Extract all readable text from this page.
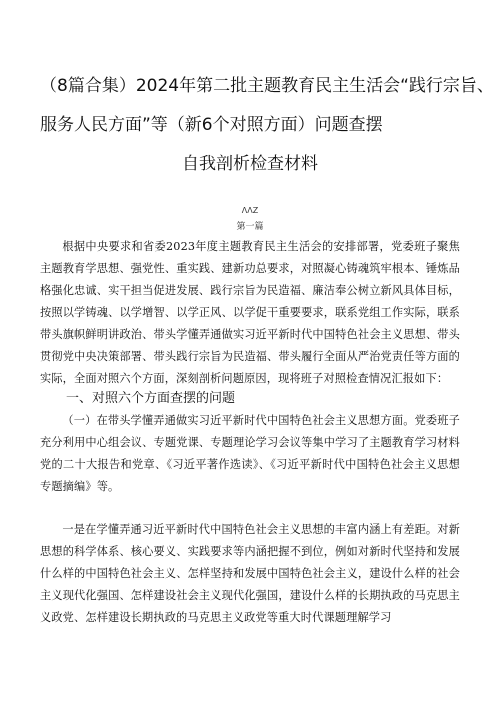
（8篇合集）2024年第二批主题教育民主生活会“践行宗旨、
服务人民方面”等（新6个对照方面）问题查摆
自我剖析检查材料
ΛΛΖ
第一篇

根据中央要求和省委2023年度主题教育民主生活会的安排部署，党委班子聚焦主题教育学思想、强党性、重实践、建新功总要求，对照凝心铸魂筑牢根本、锤炼品格强化忠诚、实干担当促进发展、践行宗旨为民造福、廉洁奉公树立新风具体目标，按照以学铸魂、以学增智、以学正风、以学促干重要要求，联系党组工作实际，联系带头旗帜鲜明讲政治、带头学懂弄通做实习近平新时代中国特色社会主义思想、带头贯彻党中央决策部署、带头践行宗旨为民造福、带头履行全面从严治党责任等方面的实际，全面对照六个方面，深刻剖析问题原因，现将班子对照检查情况汇报如下：

一、对照六个方面查摆的问题

（一）在带头学懂弄通做实习近平新时代中国特色社会主义思想方面。党委班子充分利用中心组会议、专题党课、专题理论学习会议等集中学习了主题教育学习材料党的二十大报告和党章、《习近平著作选读》、《习近平新时代中国特色社会主义思想专题摘编》等。

一是在学懂弄通习近平新时代中国特色社会主义思想的丰富内涵上有差距。对新思想的科学体系、核心要义、实践要求等内涵把握不到位，例如对新时代坚持和发展什么样的中国特色社会主义、怎样坚持和发展中国特色社会主义，建设什么样的社会主义现代化强国、怎样建设社会主义现代化强国，建设什么样的长期执政的马克思主义政党、怎样建设长期执政的马克思主义政党等重大时代课题理解学习
